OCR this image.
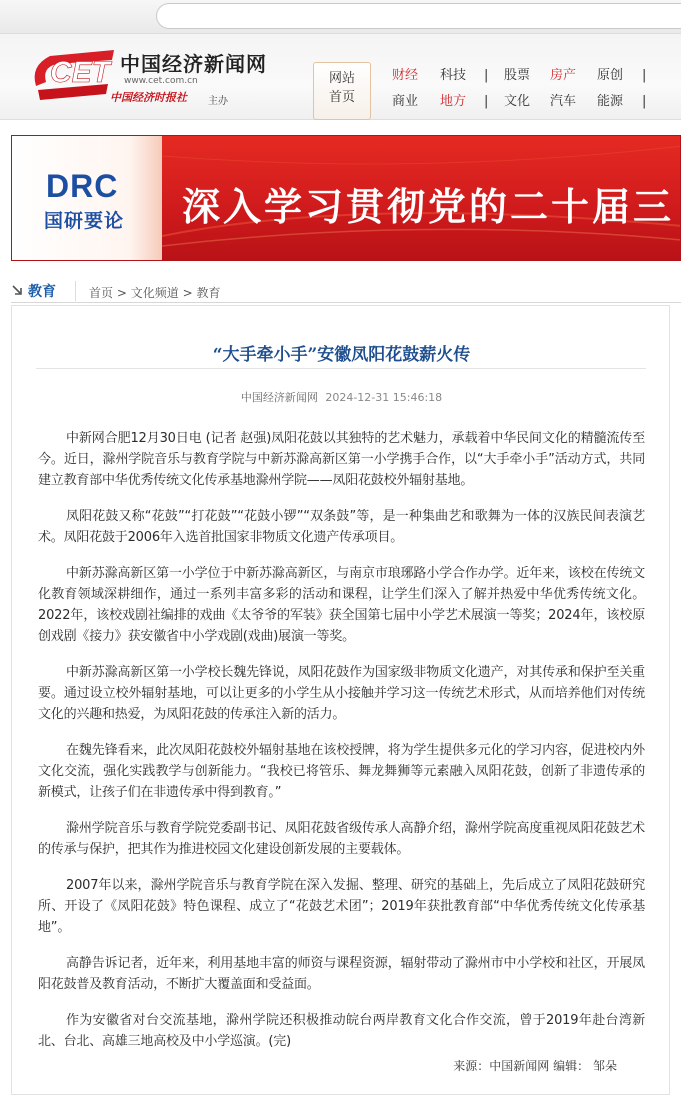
CET 中国经济新闻网
www.cet.com.cn
中国经济时报社 主办
网站
首页
财经 科技 | 股票 房产 原创 |
商业 地方 | 文化 汽车 能源 |
DRC
国研要论 深入学习贯彻党的二十届三
教育	首页 > 文化频道 > 教育
“大手牵小手”安徽凤阳花鼓薪火传
中国经济新闻网 2024-12-31 15:46:18

中新网合肥12月30日电 (记者 赵强)凤阳花鼓以其独特的艺术魅力，承载着中华民间文化的精髓流传至今。近日，滁州学院音乐与教育学院与中新苏滁高新区第一小学携手合作，以“大手牵小手”活动方式，共同建立教育部中华优秀传统文化传承基地滁州学院——凤阳花鼓校外辐射基地。

凤阳花鼓又称“花鼓”“打花鼓”“花鼓小锣”“双条鼓”等，是一种集曲艺和歌舞为一体的汉族民间表演艺术。凤阳花鼓于2006年入选首批国家非物质文化遗产传承项目。

中新苏滁高新区第一小学位于中新苏滁高新区，与南京市琅琊路小学合作办学。近年来，该校在传统文化教育领域深耕细作，通过一系列丰富多彩的活动和课程，让学生们深入了解并热爱中华优秀传统文化。2022年，该校戏剧社编排的戏曲《太爷爷的军装》获全国第七届中小学艺术展演一等奖；2024年，该校原创戏剧《接力》获安徽省中小学戏剧(戏曲)展演一等奖。

中新苏滁高新区第一小学校长魏先锋说，凤阳花鼓作为国家级非物质文化遗产，对其传承和保护至关重要。通过设立校外辐射基地，可以让更多的小学生从小接触并学习这一传统艺术形式，从而培养他们对传统文化的兴趣和热爱，为凤阳花鼓的传承注入新的活力。

在魏先锋看来，此次凤阳花鼓校外辐射基地在该校授牌，将为学生提供多元化的学习内容，促进校内外文化交流，强化实践教学与创新能力。“我校已将管乐、舞龙舞狮等元素融入凤阳花鼓，创新了非遗传承的新模式，让孩子们在非遗传承中得到教育。”

滁州学院音乐与教育学院党委副书记、凤阳花鼓省级传承人高静介绍，滁州学院高度重视凤阳花鼓艺术的传承与保护，把其作为推进校园文化建设创新发展的主要载体。

2007年以来，滁州学院音乐与教育学院在深入发掘、整理、研究的基础上，先后成立了凤阳花鼓研究所、开设了《凤阳花鼓》特色课程、成立了“花鼓艺术团”；2019年获批教育部“中华优秀传统文化传承基地”。

高静告诉记者，近年来，利用基地丰富的师资与课程资源，辐射带动了滁州市中小学校和社区，开展凤阳花鼓普及教育活动，不断扩大覆盖面和受益面。

作为安徽省对台交流基地，滁州学院还积极推动皖台两岸教育文化合作交流，曾于2019年赴台湾新北、台北、高雄三地高校及中小学巡演。(完)

来源：中国新闻网 编辑： 邹朵
